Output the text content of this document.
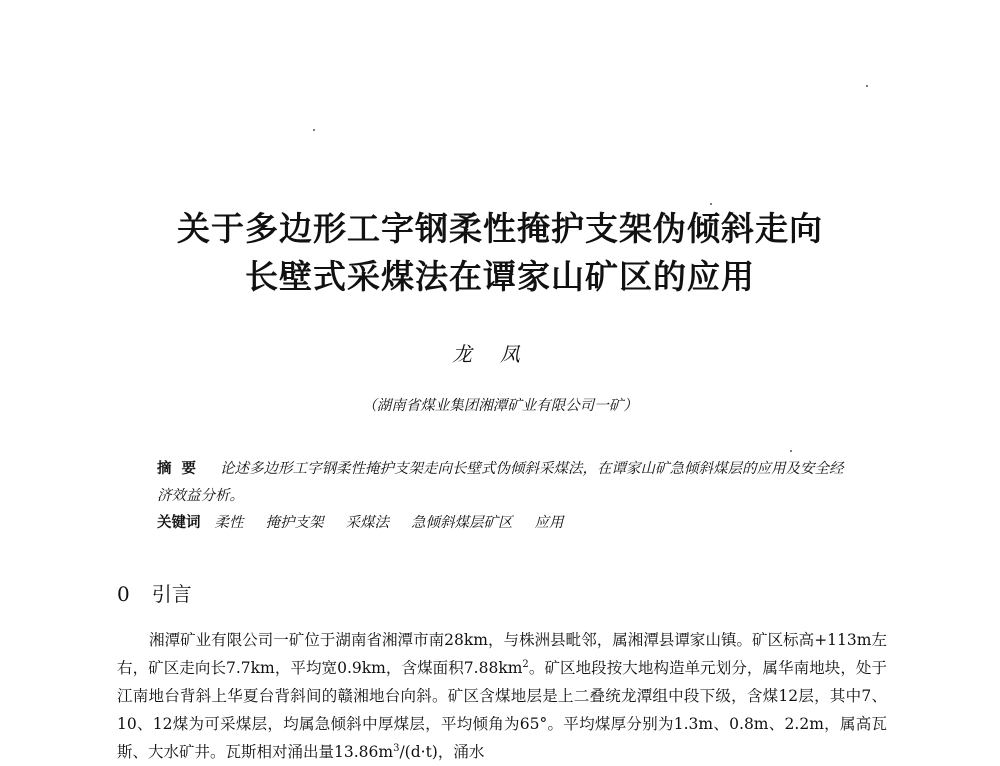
关于多边形工字钢柔性掩护支架伪倾斜走向

长壁式采煤法在谭家山矿区的应用

龙凤
（湖南省煤业集团湘潭矿业有限公司一矿）
摘要 论述多边形工字钢柔性掩护支架走向长壁式伪倾斜采煤法，在谭家山矿急倾斜煤层的应用及安全经济效益分析。
关键词 柔性 掩护支架 采煤法 急倾斜煤层矿区 应用
0 引言
湘潭矿业有限公司一矿位于湖南省湘潭市南28km，与株洲县毗邻，属湘潭县谭家山镇。矿区标高+113m左右，矿区走向长7.7km，平均宽0.9km，含煤面积$7.88km^2$。矿区地段按大地构造单元划分，属华南地块，处于江南地台背斜上华夏台背斜间的赣湘地台向斜。矿区含煤地层是上二叠统龙潭组中段下级，含煤12层，其中7、10、12煤为可采煤层，均属急倾斜中厚煤层，平均倾角为65°。平均煤厚分别为1.3m、0.8m、2.2m，属高瓦斯、大水矿井。瓦斯相对涌出量$13.86m^3/(d\cdot t)$，涌水
